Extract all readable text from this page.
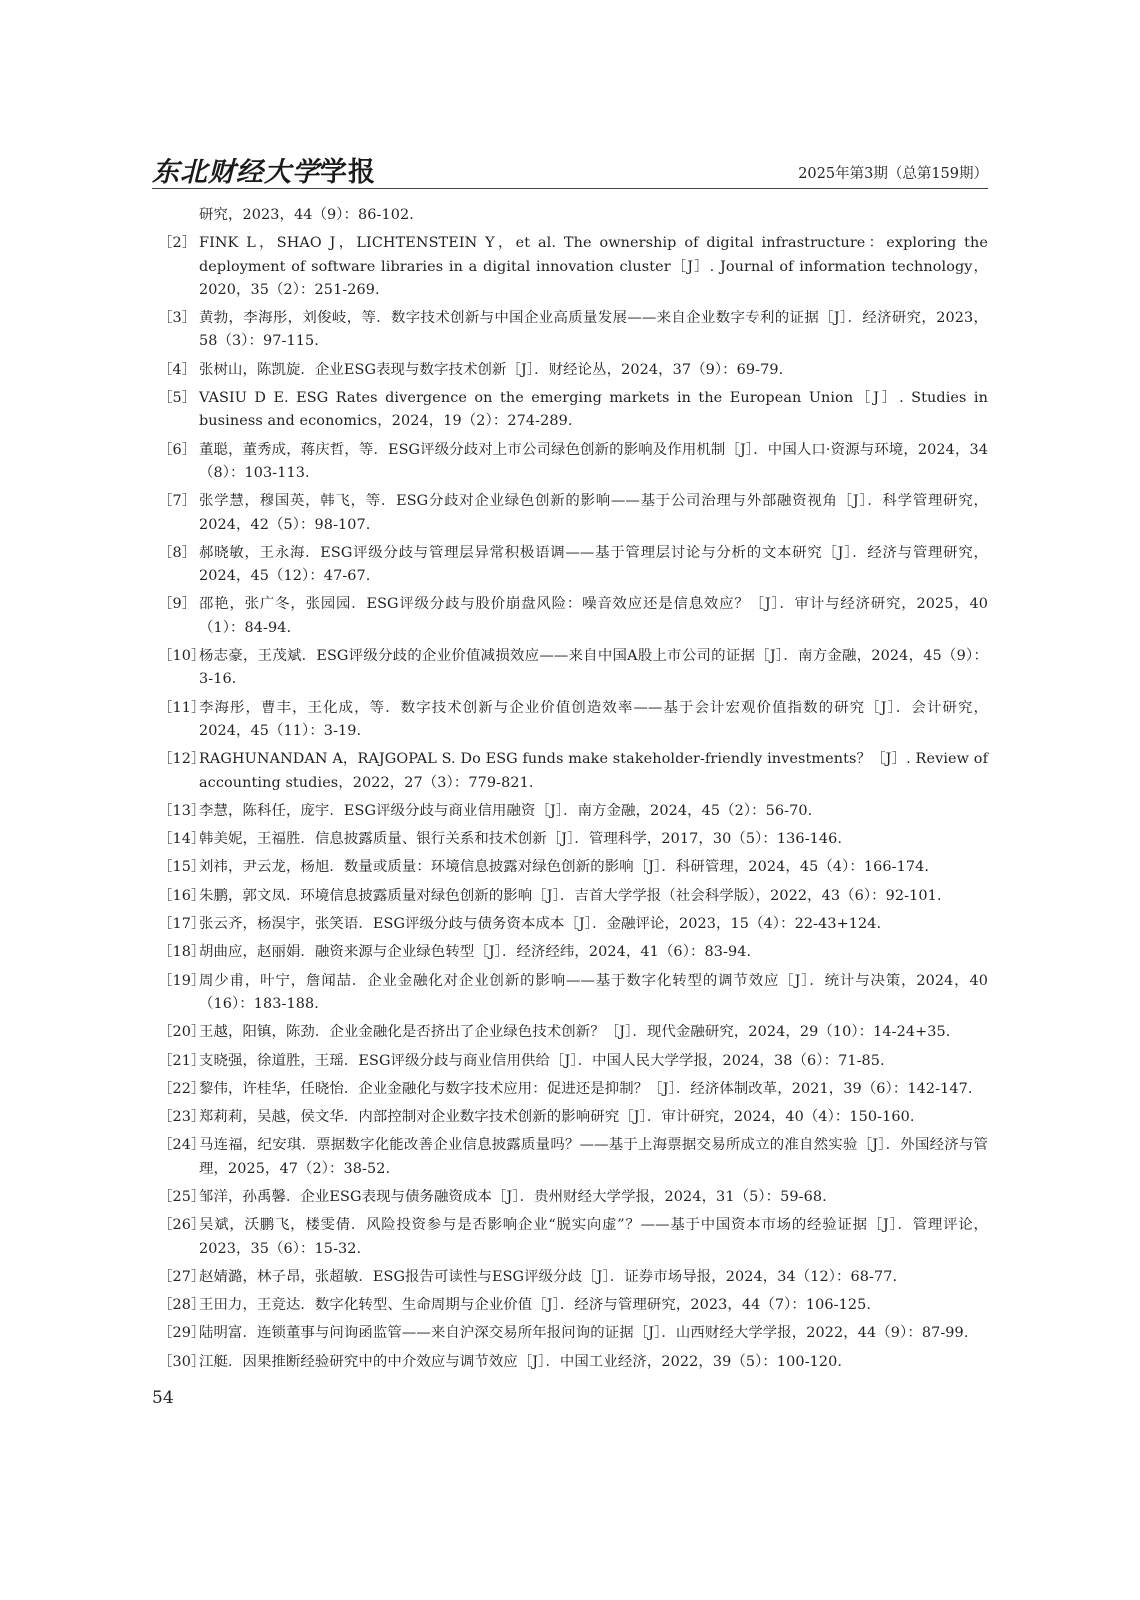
东北财经大学学报	2025年第3期（总第159期）
研究，2023，44（9）：86-102.
［2］ FINK L，SHAO J，LICHTENSTEIN Y，et al. The ownership of digital infrastructure：exploring the deployment of software libraries in a digital innovation cluster［J］. Journal of information technology，2020，35（2）：251-269.
［3］ 黄勃，李海彤，刘俊岐，等．数字技术创新与中国企业高质量发展——来自企业数字专利的证据［J］．经济研究，2023，58（3）：97-115.
［4］ 张树山，陈凯旋．企业ESG表现与数字技术创新［J］．财经论丛，2024，37（9）：69-79.
［5］ VASIU D E. ESG Rates divergence on the emerging markets in the European Union［J］. Studies in business and economics，2024，19（2）：274-289.
［6］ 董聪，董秀成，蒋庆哲，等．ESG评级分歧对上市公司绿色创新的影响及作用机制［J］．中国人口·资源与环境，2024，34（8）：103-113.
［7］ 张学慧，穆国英，韩飞，等．ESG分歧对企业绿色创新的影响——基于公司治理与外部融资视角［J］．科学管理研究，2024，42（5）：98-107.
［8］ 郝晓敏，王永海．ESG评级分歧与管理层异常积极语调——基于管理层讨论与分析的文本研究［J］．经济与管理研究，2024，45（12）：47-67.
［9］ 邵艳，张广冬，张园园．ESG评级分歧与股价崩盘风险：噪音效应还是信息效应？［J］．审计与经济研究，2025，40（1）：84-94.
［10］
杨志豪，王茂斌．ESG评级分歧的企业价值减损效应——来自中国A股上市公司的证据［J］．南方金融，2024，45（9）：3-16.
［11］
李海彤，曹丰，王化成，等．数字技术创新与企业价值创造效率——基于会计宏观价值指数的研究［J］．会计研究，2024，45（11）：3-19.
［12］
RAGHUNANDAN A，RAJGOPAL S. Do ESG funds make stakeholder-friendly investments？［J］. Review of accounting studies，2022，27（3）：779-821.
［13］
李慧，陈科任，庞宇．ESG评级分歧与商业信用融资［J］．南方金融，2024，45（2）：56-70.
［14］
韩美妮，王福胜．信息披露质量、银行关系和技术创新［J］．管理科学，2017，30（5）：136-146.
［15］
刘祎，尹云龙，杨旭．数量或质量：环境信息披露对绿色创新的影响［J］．科研管理，2024，45（4）：166-174.
［16］
朱鹏，郭文凤．环境信息披露质量对绿色创新的影响［J］．吉首大学学报（社会科学版），2022，43（6）：92-101.
［17］
张云齐，杨淏宇，张笑语．ESG评级分歧与债务资本成本［J］．金融评论，2023，15（4）：22-43+124.
［18］
胡曲应，赵丽娟．融资来源与企业绿色转型［J］．经济经纬，2024，41（6）：83-94.
［19］
周少甫，叶宁，詹闻喆．企业金融化对企业创新的影响——基于数字化转型的调节效应［J］．统计与决策，2024，40（16）：183-188.
［20］
王越，阳镇，陈劲．企业金融化是否挤出了企业绿色技术创新？［J］．现代金融研究，2024，29（10）：14-24+35.
［21］
支晓强，徐道胜，王瑶．ESG评级分歧与商业信用供给［J］．中国人民大学学报，2024，38（6）：71-85.
［22］
黎伟，许桂华，任晓怡．企业金融化与数字技术应用：促进还是抑制？［J］．经济体制改革，2021，39（6）：142-147.
［23］
郑莉莉，吴越，侯文华．内部控制对企业数字技术创新的影响研究［J］．审计研究，2024，40（4）：150-160.
［24］
马连福，纪安琪．票据数字化能改善企业信息披露质量吗？——基于上海票据交易所成立的准自然实验［J］．外国经济与管理，2025，47（2）：38-52.
［25］
邹洋，孙禹馨．企业ESG表现与债务融资成本［J］．贵州财经大学学报，2024，31（5）：59-68.
［26］
吴斌，沃鹏飞，楼雯倩．风险投资参与是否影响企业“脱实向虚”？——基于中国资本市场的经验证据［J］．管理评论，2023，35（6）：15-32.
［27］
赵婧潞，林子昂，张超敏．ESG报告可读性与ESG评级分歧［J］．证券市场导报，2024，34（12）：68-77.
［28］
王田力，王竞达．数字化转型、生命周期与企业价值［J］．经济与管理研究，2023，44（7）：106-125.
［29］
陆明富．连锁董事与问询函监管——来自沪深交易所年报问询的证据［J］．山西财经大学学报，2022，44（9）：87-99.
［30］
江艇．因果推断经验研究中的中介效应与调节效应［J］．中国工业经济，2022，39（5）：100-120.
54
